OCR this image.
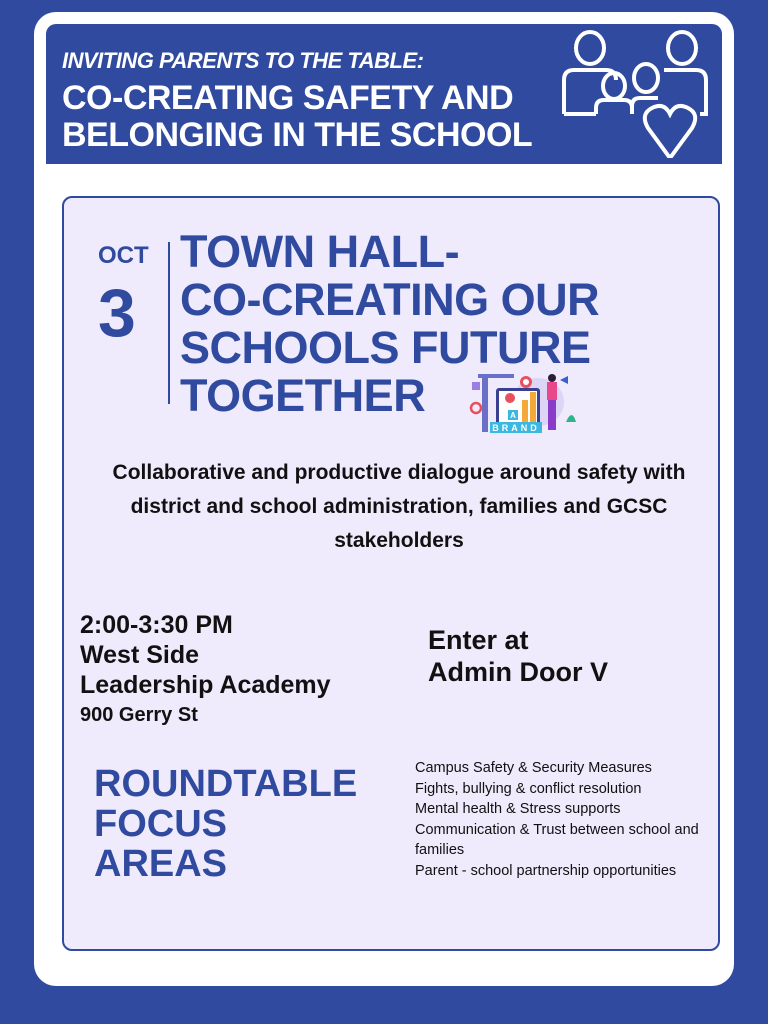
INVITING PARENTS TO THE TABLE:
CO-CREATING SAFETY AND
BELONGING IN THE SCHOOL
OCT
3
TOWN HALL-
CO-CREATING OUR
SCHOOLS FUTURE
TOGETHER	A
BRAND
Collaborative and productive dialogue around safety with district and school administration, families and GCSC stakeholders
2:00-3:30 PM
West Side
Leadership Academy
900 Gerry St
Enter at
Admin Door V
ROUNDTABLE
FOCUS
AREAS
Campus Safety & Security Measures
Fights, bullying & conflict resolution
Mental health & Stress supports
Communication & Trust between school and families
Parent - school partnership opportunities
